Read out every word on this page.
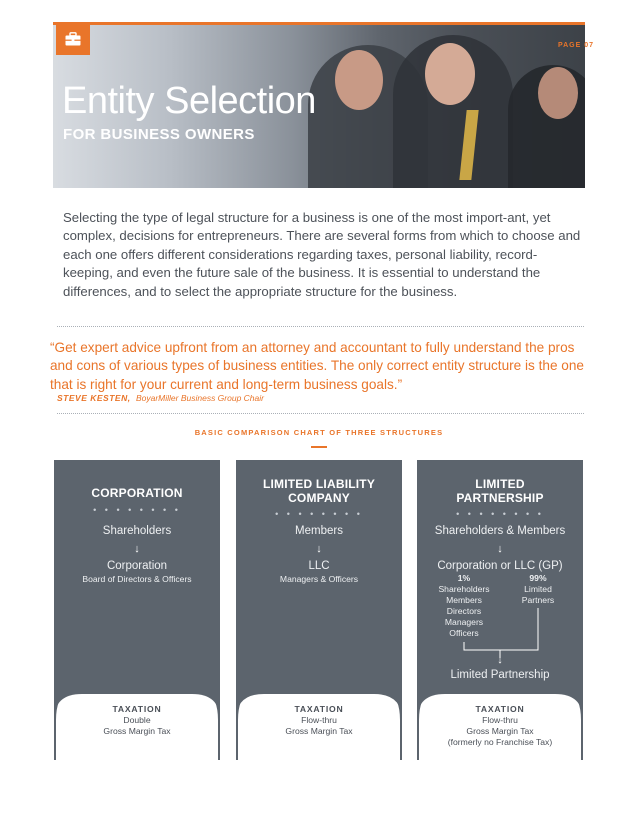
PAGE 07
Entity Selection
FOR BUSINESS OWNERS

Selecting the type of legal structure for a business is one of the most import-ant, yet complex, decisions for entrepreneurs. There are several forms from which to choose and each one offers different considerations regarding taxes, personal liability, record-keeping, and even the future sale of the business. It is essential to understand the differences, and to select the appropriate structure for the business.

“Get expert advice upfront from an attorney and accountant to fully understand the pros and cons of various types of business entities. The only correct entity structure is the one that is right for your current and long-term business goals.”

STEVE KESTEN, BoyarMiller Business Group Chair
BASIC COMPARISON CHART OF THREE STRUCTURES

CORPORATION

• • • • • • • •
Shareholders
↓
Corporation
Board of Directors & Officers
TAXATION
Double
Gross Margin Tax

LIMITED LIABILITY

COMPANY

• • • • • • • •
Members
↓
LLC
Managers & Officers
TAXATION
Flow-thru
Gross Margin Tax

LIMITED

PARTNERSHIP

• • • • • • • •
Shareholders & Members
↓
Corporation or LLC (GP)
1%
Shareholders
Members
Directors
Managers
Officers
99%
Limited
Partners
↓
Limited Partnership
TAXATION
Flow-thru
Gross Margin Tax
(formerly no Franchise Tax)
